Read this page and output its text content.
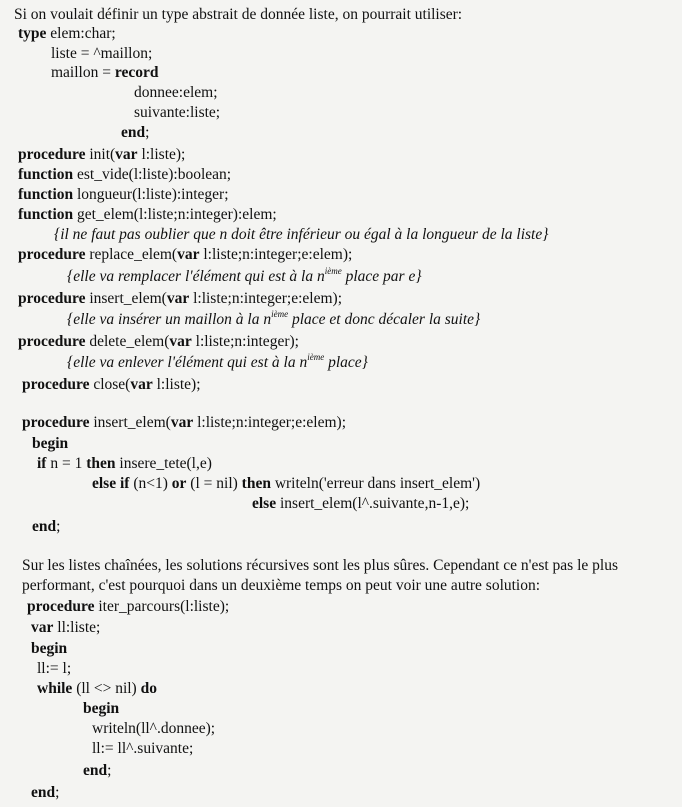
Si on voulait définir un type abstrait de donnée liste, on pourrait utiliser:
type elem:char;
liste = ^maillon;
maillon = record
donnee:elem;
suivante:liste;
end;
procedure init(var l:liste);
function est_vide(l:liste):boolean;
function longueur(l:liste):integer;
function get_elem(l:liste;n:integer):elem;
{il ne faut pas oublier que n doit être inférieur ou égal à la longueur de la liste}
procedure replace_elem(var l:liste;n:integer;e:elem);
{elle va remplacer l'élément qui est à la $n^{ième}$ place par e}
procedure insert_elem(var l:liste;n:integer;e:elem);
{elle va insérer un maillon à la $n^{ième}$ place et donc décaler la suite}
procedure delete_elem(var l:liste;n:integer);
{elle va enlever l'élément qui est à la $n^{ième}$ place}
procedure close(var l:liste);
procedure insert_elem(var l:liste;n:integer;e:elem);
begin
if n = 1 then insere_tete(l,e)
else if (n<1) or (l = nil) then writeln('erreur dans insert_elem')
else insert_elem(l^.suivante,n-1,e);
end;
Sur les listes chaînées, les solutions récursives sont les plus sûres. Cependant ce n'est pas le plus
performant, c'est pourquoi dans un deuxième temps on peut voir une autre solution:
procedure iter_parcours(l:liste);
var ll:liste;
begin
ll:= l;
while (ll <> nil) do
begin
writeln(ll^.donnee);
ll:= ll^.suivante;
end;
end;
